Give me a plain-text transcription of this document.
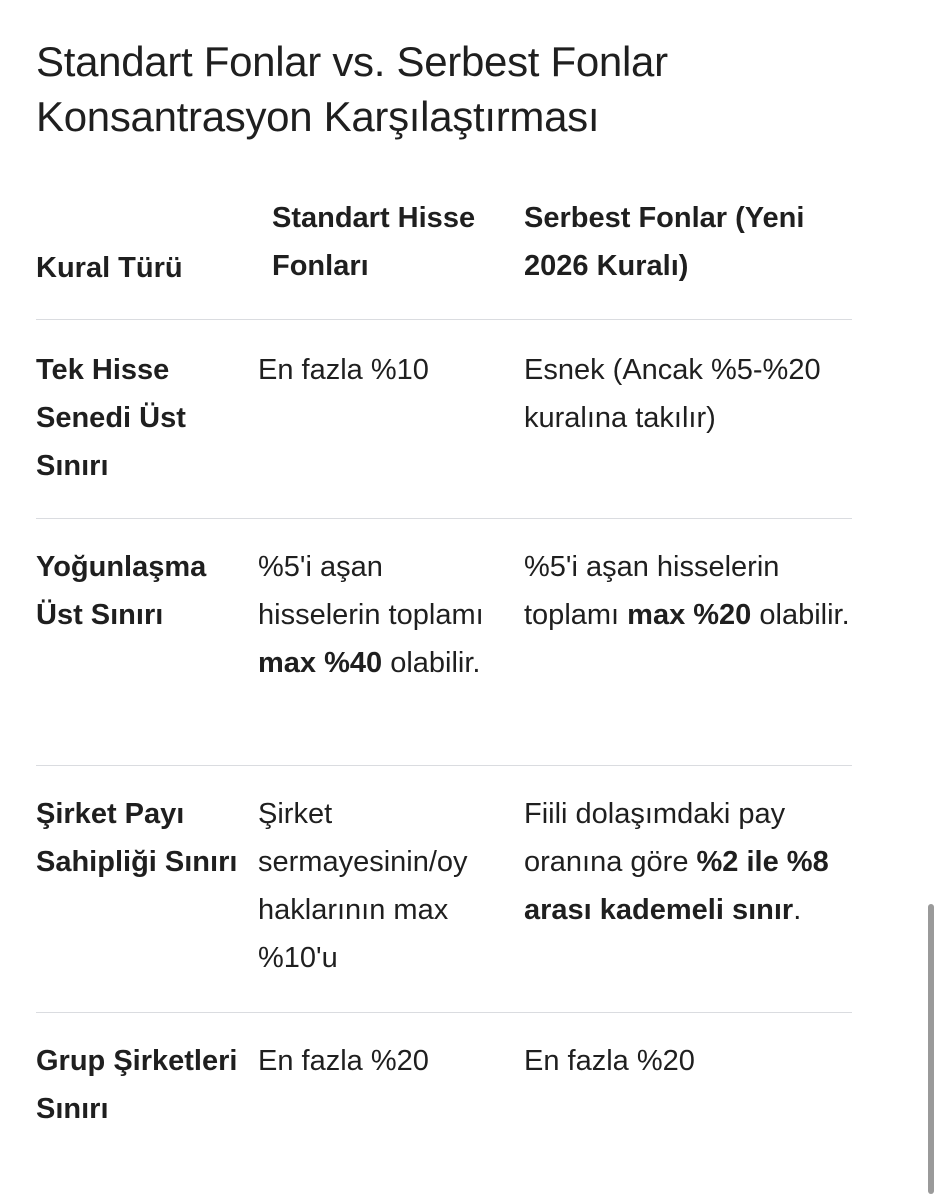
Standart Fonlar vs. Serbest Fonlar
Konsantrasyon Karşılaştırması
Kural Türü
Standart Hisse Fonları
Serbest Fonlar (Yeni 2026 Kuralı)
Tek Hisse Senedi Üst Sınırı
En fazla %10	Esnek (Ancak %5-%20 kuralına takılır)
Yoğunlaşma Üst Sınırı
%5'i aşan hisselerin toplamı max %40 olabilir.
%5'i aşan hisselerin toplamı max %20 olabilir.
Şirket Payı Sahipliği Sınırı
Şirket sermayesinin/oy haklarının max %10'u
Fiili dolaşımdaki pay oranına göre %2 ile %8 arası kademeli sınır.
Grup Şirketleri Sınırı
En fazla %20	En fazla %20
